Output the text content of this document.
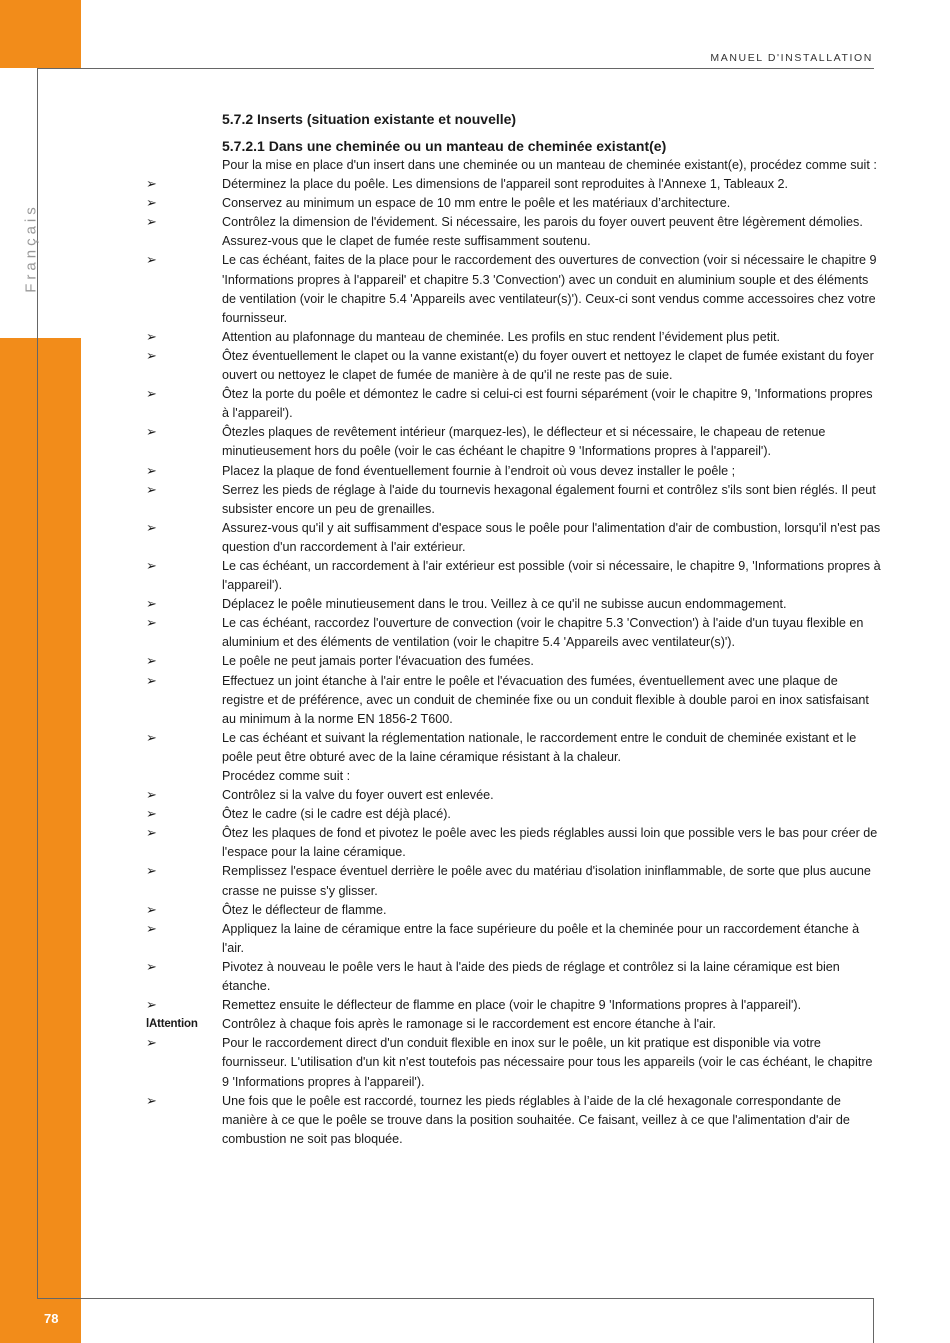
MANUEL D'INSTALLATION
Français
78
5.7.2 Inserts (situation existante et nouvelle)
5.7.2.1 Dans une cheminée ou un manteau de cheminée existant(e)
Pour la mise en place d'un insert dans une cheminée ou un manteau de cheminée existant(e), procédez comme suit :
➢	Déterminez la place du poêle. Les dimensions de l'appareil sont reproduites à l'Annexe 1, Tableaux 2.
➢	Conservez au minimum un espace de 10 mm entre le poêle et les matériaux d’architecture.
➢	Contrôlez la dimension de l'évidement. Si nécessaire, les parois du foyer ouvert peuvent être légèrement démolies. Assurez-vous que le clapet de fumée reste suffisamment soutenu.
➢	Le cas échéant, faites de la place pour le raccordement des ouvertures de convection (voir si nécessaire le chapitre 9 'Informations propres à l'appareil' et chapitre 5.3 'Convection') avec un conduit en aluminium souple et des éléments de ventilation (voir le chapitre 5.4 'Appareils avec ventilateur(s)'). Ceux-ci sont vendus comme accessoires chez votre fournisseur.
➢	Attention au plafonnage du manteau de cheminée. Les profils en stuc rendent l’évidement plus petit.
➢	Ôtez éventuellement le clapet ou la vanne existant(e) du foyer ouvert et nettoyez le clapet de fumée existant du foyer ouvert ou nettoyez le clapet de fumée de manière à de qu'il ne reste pas de suie.
➢	Ôtez la porte du poêle et démontez le cadre si celui-ci est fourni séparément (voir le chapitre 9, 'Informations propres à l'appareil').
➢	Ôtezles plaques de revêtement intérieur (marquez-les), le déflecteur et si nécessaire, le chapeau de retenue minutieusement hors du poêle (voir le cas échéant le chapitre 9 'Informations propres à l'appareil').
➢	Placez la plaque de fond éventuellement fournie à l’endroit où vous devez installer le poêle ;
➢	Serrez les pieds de réglage à l'aide du tournevis hexagonal également fourni et contrôlez s'ils sont bien réglés. Il peut subsister encore un peu de grenailles.
➢	Assurez-vous qu'il y ait suffisamment d'espace sous le poêle pour l'alimentation d'air de combustion, lorsqu'il n'est pas question d'un raccordement à l'air extérieur.
➢	Le cas échéant, un raccordement à l'air extérieur est possible (voir si nécessaire, le chapitre 9, 'Informations propres à l'appareil').
➢	Déplacez le poêle minutieusement dans le trou. Veillez à ce qu'il ne subisse aucun endommagement.
➢	Le cas échéant, raccordez l'ouverture de convection (voir le chapitre 5.3 'Convection') à l'aide d'un tuyau flexible en aluminium et des éléments de ventilation (voir le chapitre 5.4 'Appareils avec ventilateur(s)').
➢	Le poêle ne peut jamais porter l'évacuation des fumées.
➢	Effectuez un joint étanche à l'air entre le poêle et l'évacuation des fumées, éventuellement avec une plaque de registre et de préférence, avec un conduit de cheminée fixe ou un conduit flexible à double paroi en inox satisfaisant au minimum à la norme EN 1856-2 T600.
➢	Le cas échéant et suivant la réglementation nationale, le raccordement entre le conduit de cheminée existant et le poêle peut être obturé avec de la laine céramique résistant à la chaleur.
Procédez comme suit :
➢	Contrôlez si la valve du foyer ouvert est enlevée.
➢	Ôtez le cadre (si le cadre est déjà placé).
➢	Ôtez les plaques de fond et pivotez le poêle avec les pieds réglables aussi loin que possible vers le bas pour créer de l'espace pour la laine céramique.
➢	Remplissez l'espace éventuel derrière le poêle avec du matériau d'isolation ininflammable, de sorte que plus aucune crasse ne puisse s'y glisser.
➢	Ôtez le déflecteur de flamme.
➢	Appliquez la laine de céramique entre la face supérieure du poêle et la cheminée pour un raccordement étanche à l'air.
➢	Pivotez à nouveau le poêle vers le haut à l'aide des pieds de réglage et contrôlez si la laine céramique est bien étanche.
➢	Remettez ensuite le déflecteur de flamme en place (voir le chapitre 9 'Informations propres à l'appareil').
lAttention	Contrôlez à chaque fois après le ramonage si le raccordement est encore étanche à l'air.
➢	Pour le raccordement direct d'un conduit flexible en inox sur le poêle, un kit pratique est disponible via votre fournisseur. L'utilisation d'un kit n'est toutefois pas nécessaire pour tous les appareils (voir le cas échéant, le chapitre 9 'Informations propres à l'appareil').
➢	Une fois que le poêle est raccordé, tournez les pieds réglables à l’aide de la clé hexagonale correspondante de manière à ce que le poêle se trouve dans la position souhaitée. Ce faisant, veillez à ce que l'alimentation d'air de combustion ne soit pas bloquée.
